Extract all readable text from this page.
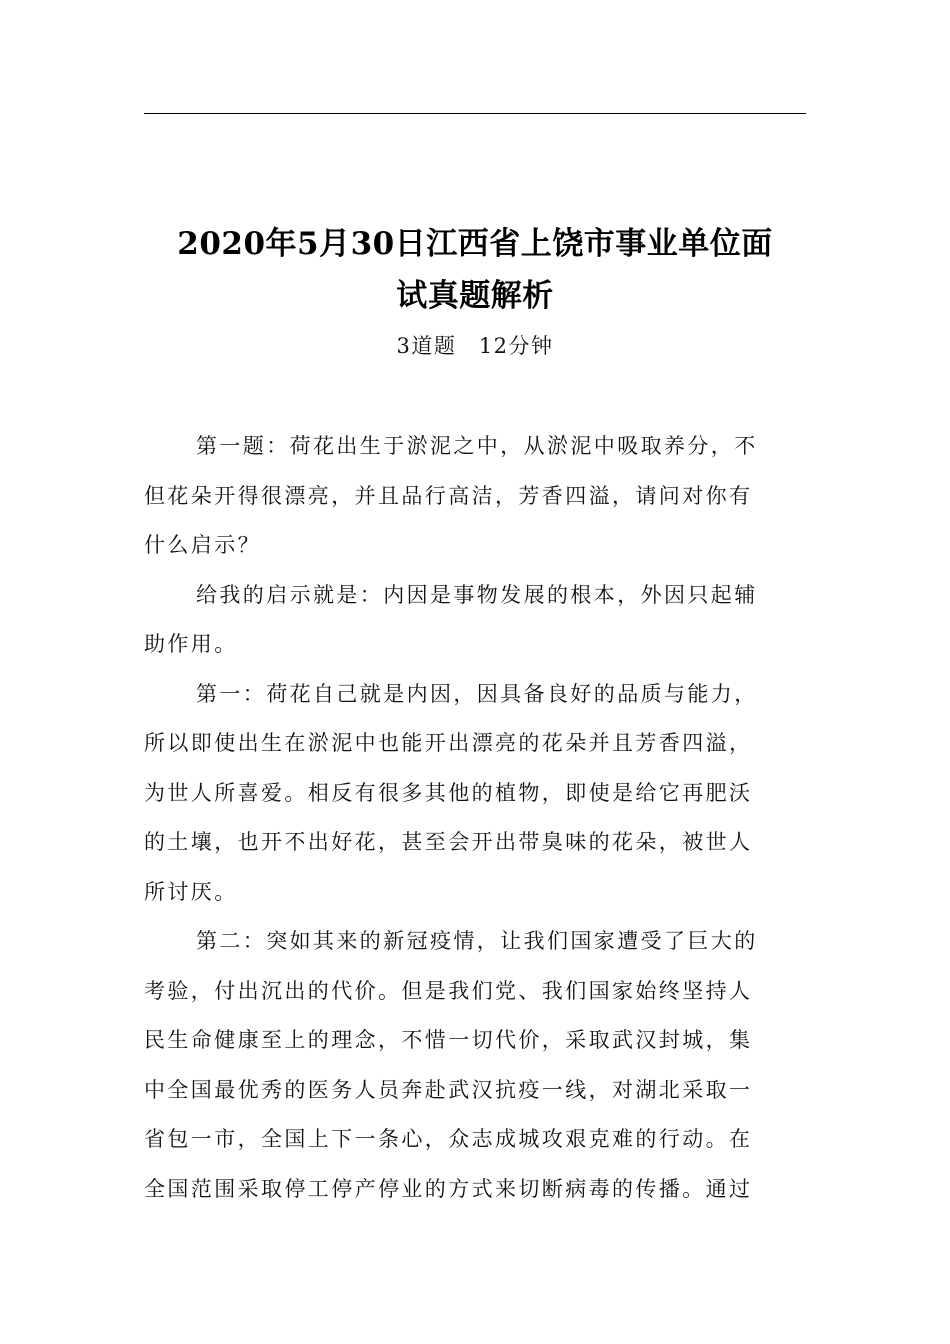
2020年5月30日江西省上饶市事业单位面
试真题解析
3道题　12分钟

第一题：荷花出生于淤泥之中，从淤泥中吸取养分，不
但花朵开得很漂亮，并且品行高洁，芳香四溢，请问对你有
什么启示？

给我的启示就是：内因是事物发展的根本，外因只起辅
助作用。

第一：荷花自己就是内因，因具备良好的品质与能力，
所以即使出生在淤泥中也能开出漂亮的花朵并且芳香四溢，
为世人所喜爱。相反有很多其他的植物，即使是给它再肥沃
的土壤，也开不出好花，甚至会开出带臭味的花朵，被世人
所讨厌。

第二：突如其来的新冠疫情，让我们国家遭受了巨大的
考验，付出沉出的代价。但是我们党、我们国家始终坚持人
民生命健康至上的理念，不惜一切代价，采取武汉封城，集
中全国最优秀的医务人员奔赴武汉抗疫一线，对湖北采取一
省包一市，全国上下一条心，众志成城攻艰克难的行动。在
全国范围采取停工停产停业的方式来切断病毒的传播。通过
